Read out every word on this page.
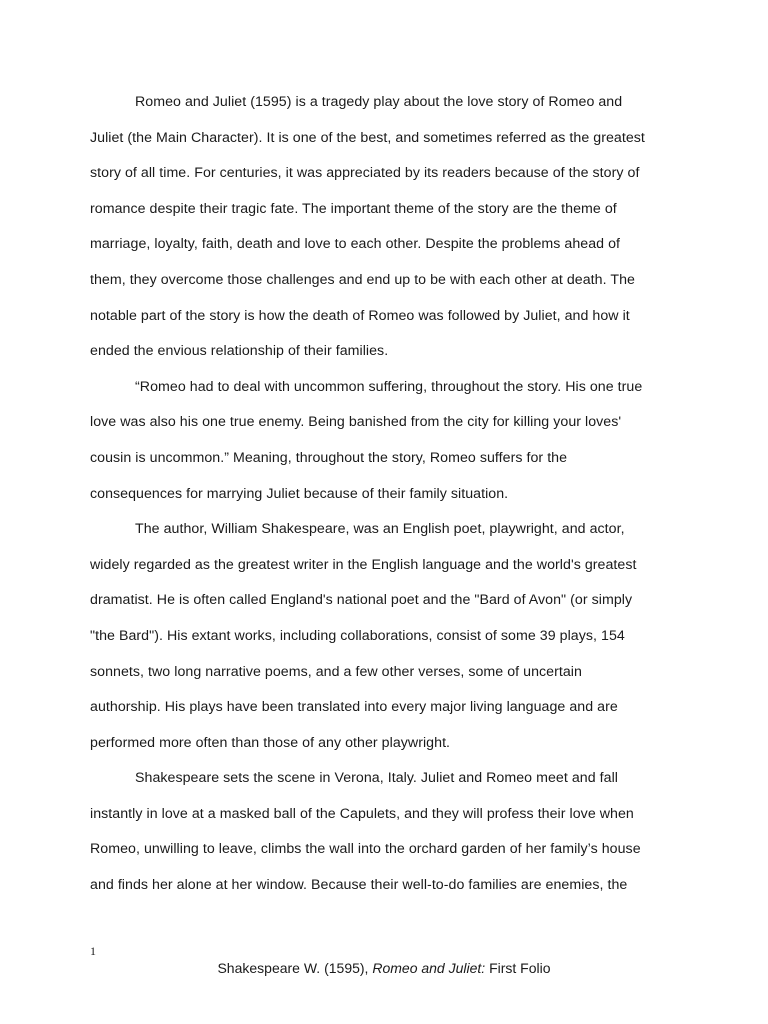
Romeo and Juliet (1595) is a tragedy play about the love story of Romeo and
Juliet (the Main Character). It is one of the best, and sometimes referred as the greatest
story of all time. For centuries, it was appreciated by its readers because of the story of
romance despite their tragic fate. The important theme of the story are the theme of
marriage, loyalty, faith, death and love to each other. Despite the problems ahead of
them, they overcome those challenges and end up to be with each other at death. The
notable part of the story is how the death of Romeo was followed by Juliet, and how it
ended the envious relationship of their families.

“Romeo had to deal with uncommon suffering, throughout the story. His one true
love was also his one true enemy. Being banished from the city for killing your loves'
cousin is uncommon.” Meaning, throughout the story, Romeo suffers for the
consequences for marrying Juliet because of their family situation.

The author, William Shakespeare, was an English poet, playwright, and actor,
widely regarded as the greatest writer in the English language and the world's greatest
dramatist. He is often called England's national poet and the "Bard of Avon" (or simply
"the Bard"). His extant works, including collaborations, consist of some 39 plays, 154
sonnets, two long narrative poems, and a few other verses, some of uncertain
authorship. His plays have been translated into every major living language and are
performed more often than those of any other playwright.

Shakespeare sets the scene in Verona, Italy. Juliet and Romeo meet and fall
instantly in love at a masked ball of the Capulets, and they will profess their love when
Romeo, unwilling to leave, climbs the wall into the orchard garden of her family’s house
and finds her alone at her window. Because their well-to-do families are enemies, the

1
Shakespeare W. (1595), Romeo and Juliet: First Folio
